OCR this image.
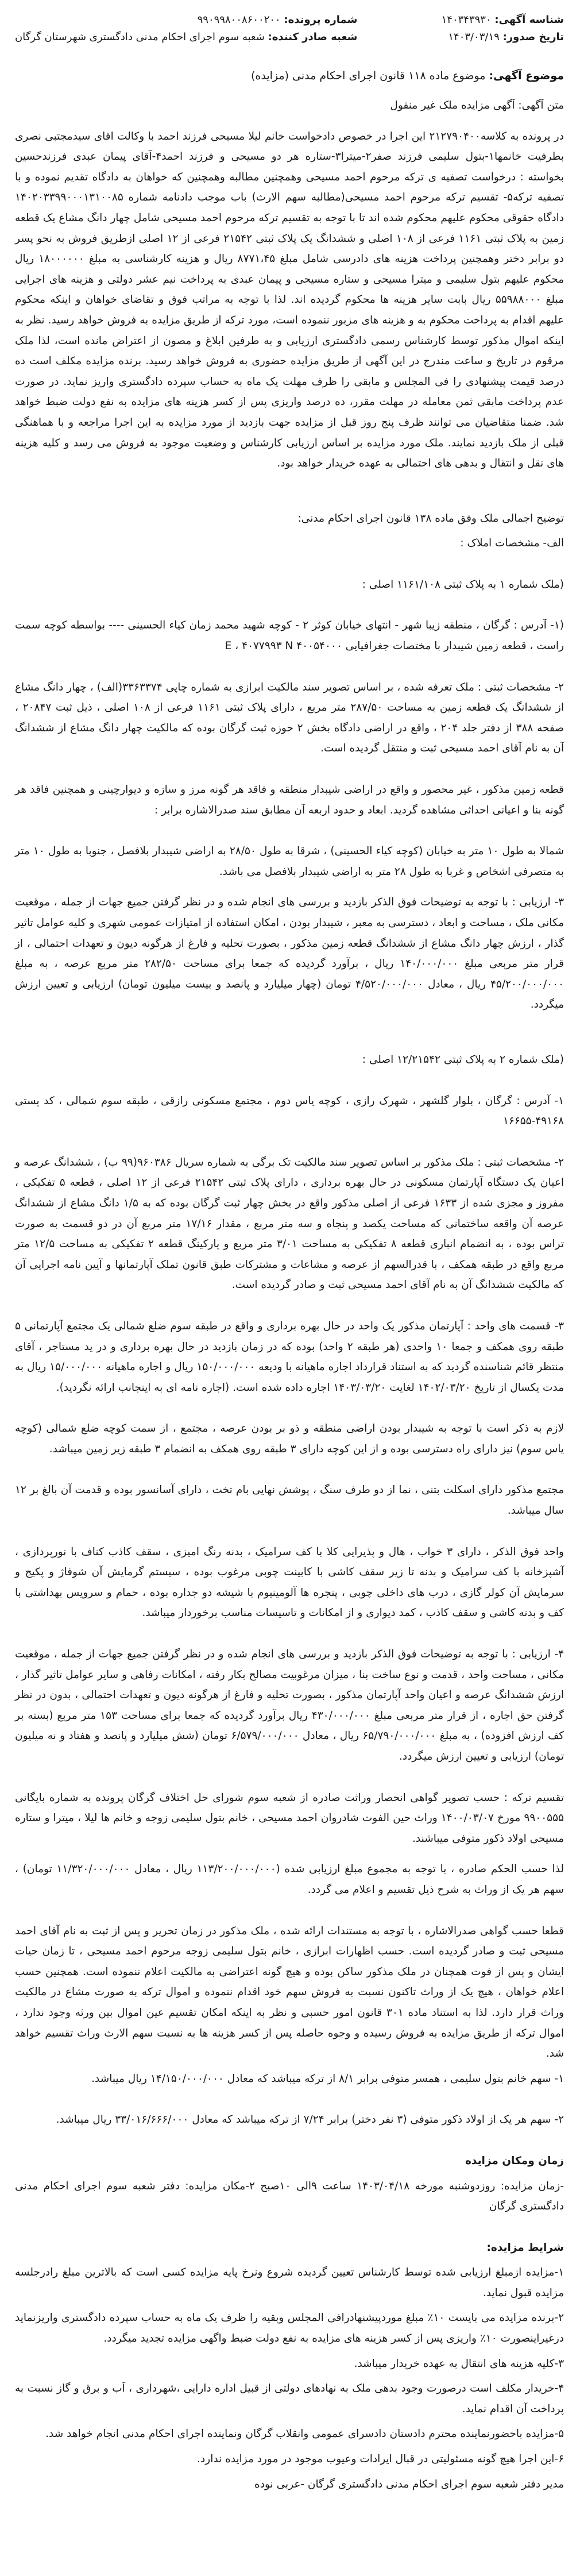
شناسه آگهی: ۱۴۰۳۴۳۹۳۰
تاریخ صدور: ۱۴۰۳/۰۳/۱۹
شماره پرونده: ۹۹۰۹۹۸۰۰۸۶۰۰۲۰۰
شعبه صادر کننده: شعبه سوم اجرای احکام مدنی دادگستری شهرستان گرگان
موضوع آگهی: موضوع ماده ۱۱۸ قانون اجرای احکام مدنی (مزایده)

متن آگهی: آگهی مزایده ملک غیر منقول

در پرونده به کلاسه۲۱۲۷۹۰۴۰۰ این اجرا در خصوص دادخواست خانم لیلا مسیحی فرزند احمد با وکالت اقای سیدمجتبی نصری بطرفیت خانمها۱-بتول سلیمی فرزند صفر۲-میترا۳-ستاره هر دو مسیحی و فرزند احمد۴-آقای پیمان عبدی فرزندحسین بخواسته : درخواست تصفیه ی ترکه مرحوم احمد مسیحی وهمچنین مطالبه وهمچنین که خواهان به دادگاه تقدیم نموده و با تصفیه ترکه۵- تقسیم ترکه مرحوم احمد مسیحی(مطالبه سهم الارث) باب موجب دادنامه شماره ۱۴۰۲۰۳۳۹۹۰۰۰۱۳۱۰۰۸۵ دادگاه حقوقی محکوم علیهم محکوم شده اند تا با توجه به تقسیم ترکه مرحوم احمد مسیحی شامل چهار دانگ مشاع یک قطعه زمین به پلاک ثبتی ۱۱۶۱ فرعی از ۱۰۸ اصلی و ششدانگ یک پلاک ثبتی ۲۱۵۴۲ فرعی از ۱۲ اصلی ازطریق فروش به نحو پسر دو برابر دختر وهمچنین پرداخت هزینه های دادرسی شامل مبلغ ۸۷۷۱،۴۵ ریال و هزینه کارشناسی به مبلغ ۱۸۰۰۰۰۰۰ ریال محکوم علیهم بتول سلیمی و میترا مسیحی و ستاره مسیحی و پیمان عبدی به پرداخت نیم عشر دولتی و هزینه های اجرایی مبلغ ۵۵۹۸۸۰۰۰ ریال بابت سایر هزینه ها محکوم گردیده اند. لذا با توجه به مراتب فوق و تقاضای خواهان و اینکه محکوم علیهم اقدام به پرداخت محکوم به و هزینه های مزبور ننموده است، مورد ترکه از طریق مزایده به فروش خواهد رسید. نظر به اینکه اموال مذکور توسط کارشناس رسمی دادگستری ارزیابی و به طرفین ابلاغ و مصون از اعتراض مانده است، لذا ملک مرقوم در تاریخ و ساعت مندرج در این آگهی از طریق مزایده حضوری به فروش خواهد رسید. برنده مزایده مکلف است ده درصد قیمت پیشنهادی را فی المجلس و مابقی را ظرف مهلت یک ماه به حساب سپرده دادگستری واریز نماید. در صورت عدم پرداخت مابقی ثمن معامله در مهلت مقرر، ده درصد واریزی پس از کسر هزینه های مزایده به نفع دولت ضبط خواهد شد. ضمنا متقاضیان می توانند ظرف پنج روز قبل از مزایده جهت بازدید از مورد مزایده به این اجرا مراجعه و با هماهنگی قبلی از ملک بازدید نمایند. ملک مورد مزایده بر اساس ارزیابی کارشناس و وضعیت موجود به فروش می رسد و کلیه هزینه های نقل و انتقال و بدهی های احتمالی به عهده خریدار خواهد بود.

توضیح اجمالی ملک وفق ماده ۱۳۸ قانون اجرای احکام مدنی:

الف- مشخصات املاک :

(ملک شماره ۱ به پلاک ثبتی ۱۱۶۱/۱۰۸ اصلی :

(۱- آدرس : گرگان ، منطقه زیبا شهر - انتهای خیابان کوثر ۲ - کوچه شهید محمد زمان کیاء الحسینی ---- بواسطه کوچه سمت راست ، قطعه زمین شیبدار با مختصات جغرافیایی ۴۰۰۵۴۰۰۰ E ، ۴۰۷۷۹۹۳ N

۲- مشخصات ثبتی : ملک تعرفه شده ، بر اساس تصویر سند مالکیت ابرازی به شماره چاپی ۳۳۶۳۳۷۴(الف) ، چهار دانگ مشاع از ششدانگ یک قطعه زمین به مساحت ۲۸۷/۵۰ متر مربع ، دارای پلاک ثبتی ۱۱۶۱ فرعی از ۱۰۸ اصلی ، ذیل ثبت ۲۰۸۴۷ ، صفحه ۳۸۸ از دفتر جلد ۲۰۴ ، واقع در اراضی دادگاه بخش ۲ حوزه ثبت گرگان بوده که مالکیت چهار دانگ مشاع از ششدانگ آن به نام آقای احمد مسیحی ثبت و منتقل گردیده است.

قطعه زمین مذکور ، غیر محصور و واقع در اراضی شیبدار منطقه و فاقد هر گونه مرز و سازه و دیوارچینی و همچنین فاقد هر گونه بنا و اعیانی احداثی مشاهده گردید. ابعاد و حدود اربعه آن مطابق سند صدرالاشاره برابر :

شمالا به طول ۱۰ متر به خیابان (کوچه کیاء الحسینی) ، شرقا به طول ۲۸/۵۰ به اراضی شیبدار بلافصل ، جنوبا به طول ۱۰ متر به متصرفی اشخاص و غربا به طول ۲۸ متر به اراضی شیبدار بلافصل می باشد.

۳- ارزیابی : با توجه به توضیحات فوق الذکر بازدید و بررسی های انجام شده و در نظر گرفتن جمیع جهات از جمله ، موقعیت مکانی ملک ، مساحت و ابعاد ، دسترسی به معبر ، شیبدار بودن ، امکان استفاده از امتیازات عمومی شهری و کلیه عوامل تاثیر گذار ، ارزش چهار دانگ مشاع از ششدانگ قطعه زمین مذکور ، بصورت تحلیه و فارغ از هرگونه دیون و تعهدات احتمالی ، از قرار متر مربعی مبلغ ۱۴۰/۰۰۰/۰۰۰ ریال ، برآورد گردیده که جمعا برای مساحت ۲۸۲/۵۰ متر مربع عرصه ، به مبلغ ۴۵/۲۰۰/۰۰۰/۰۰۰ ریال ، معادل ۴/۵۲۰/۰۰۰/۰۰۰ تومان (چهار میلیارد و پانصد و بیست میلیون تومان) ارزیابی و تعیین ارزش میگردد.

(ملک شماره ۲ به پلاک ثبتی ۱۲/۲۱۵۴۲ اصلی :

۱- آدرس : گرگان ، بلوار گلشهر ، شهرک رازی ، کوچه یاس دوم ، مجتمع مسکونی رازقی ، طبقه سوم شمالی ، کد پستی ۴۹۱۶۸-۱۶۶۵۵

۲- مشخصات ثبتی : ملک مذکور بر اساس تصویر سند مالکیت تک برگی به شماره سریال ۹۶۰۳۸۶(۹۹ ب) ، ششدانگ عرصه و اعیان یک دستگاه آپارتمان مسکونی در حال بهره برداری ، دارای پلاک ثبتی ۲۱۵۴۲ فرعی از ۱۲ اصلی ، قطعه ۵ تفکیکی ، مفروز و مجزی شده از ۱۶۳۳ فرعی از اصلی مذکور واقع در بخش چهار ثبت گرگان بوده که به ۱/۵ دانگ مشاع از ششدانگ عرصه آن واقعه ساختمانی که مساحت یکصد و پنجاه و سه متر مربع ، مقدار ۱۷/۱۶ متر مربع آن در دو قسمت به صورت تراس بوده ، به انضمام انباری قطعه ۸ تفکیکی به مساحت ۳/۰۱ متر مربع و پارکینگ قطعه ۲ تفکیکی به مساحت ۱۲/۵ متر مربع واقع در طبقه همکف ، با قدرالسهم از عرصه و مشاعات و مشترکات طبق قانون تملک آپارتمانها و آیین نامه اجرایی آن که مالکیت ششدانگ آن به نام آقای احمد مسیحی ثبت و صادر گردیده است.

۳- قسمت های واحد : آپارتمان مذکور یک واحد در حال بهره برداری و واقع در طبقه سوم ضلع شمالی یک مجتمع آپارتمانی ۵ طبقه روی همکف و جمعا ۱۰ واحدی (هر طبقه ۲ واحد) بوده که در زمان بازدید در حال بهره برداری و در ید مستاجر ، آقای منتظر قائم شناسنده گردید که به استناد قرارداد اجاره ماهیانه با ودیعه ۱۵۰/۰۰۰/۰۰۰ ریال و اجاره ماهیانه ۱۵/۰۰۰/۰۰۰ ریال به مدت یکسال از تاریخ ۱۴۰۲/۰۳/۲۰ لغایت ۱۴۰۳/۰۳/۲۰ اجاره داده شده است. (اجاره نامه ای به اینجانب ارائه نگردید).

لازم به ذکر است با توجه به شیبدار بودن اراضی منطقه و ذو بر بودن عرصه ، مجتمع ، از سمت کوچه ضلع شمالی (کوچه یاس سوم) نیز دارای راه دسترسی بوده و از این کوچه دارای ۳ طبقه روی همکف به انضمام ۳ طبقه زیر زمین میباشد.

مجتمع مذکور دارای اسکلت بتنی ، نما از دو طرف سنگ ، پوشش نهایی بام تخت ، دارای آسانسور بوده و قدمت آن بالغ بر ۱۲ سال میباشد.

واحد فوق الذکر ، دارای ۳ خواب ، هال و پذیرایی کلا با کف سرامیک ، بدنه رنگ امیزی ، سقف کاذب کناف با نورپردازی ، آشپزخانه با کف سرامیک و بدنه تا زیر سقف کاشی با کابینت چوبی مرغوب بوده ، سیستم گرمایش آن شوفاژ و پکیج و سرمایش آن کولر گازی ، درب های داخلی چوبی ، پنجره ها آلومینیوم با شیشه دو جداره بوده ، حمام و سرویس بهداشتی با کف و بدنه کاشی و سقف کاذب ، کمد دیواری و از امکانات و تاسیسات مناسب برخوردار میباشد.

۴- ارزیابی : با توجه به توضیحات فوق الذکر بازدید و بررسی های انجام شده و در نظر گرفتن جمیع جهات از جمله ، موقعیت مکانی ، مساحت واحد ، قدمت و نوع ساخت بنا ، میزان مرغوبیت مصالح بکار رفته ، امکانات رفاهی و سایر عوامل تاثیر گذار ، ارزش ششدانگ عرصه و اعیان واحد آپارتمان مذکور ، بصورت تحلیه و فارغ از هرگونه دیون و تعهدات احتمالی ، بدون در نظر گرفتن حق اجاره ، از قرار متر مربعی مبلغ ۴۳۰/۰۰۰/۰۰۰ ریال برآورد گردیده که جمعا برای مساحت ۱۵۳ متر مربع (بسته بر کف ارزش افزوده) ، به مبلغ ۶۵/۷۹۰/۰۰۰/۰۰۰ ریال ، معادل ۶/۵۷۹/۰۰۰/۰۰۰ تومان (شش میلیارد و پانصد و هفتاد و نه میلیون تومان) ارزیابی و تعیین ارزش میگردد.

تقسیم ترکه : حسب تصویر گواهی انحصار وراثت صادره از شعبه سوم شورای حل اختلاف گرگان پرونده به شماره بایگانی ۹۹۰۰۵۵۵ مورخ ۱۴۰۰/۰۳/۰۷ وراث حین الفوت شادروان احمد مسیحی ، خانم بتول سلیمی زوجه و خانم ها لیلا ، میترا و ستاره مسیحی اولاد ذکور متوفی میباشند.

لذا حسب الحکم صادره ، با توجه به مجموع مبلغ ارزیابی شده (۱۱۳/۲۰۰/۰۰۰/۰۰۰ ریال ، معادل ۱۱/۳۲۰/۰۰۰/۰۰۰ تومان) ، سهم هر یک از وراث به شرح ذیل تقسیم و اعلام می گردد.

قطعا حسب گواهی صدرالاشاره ، با توجه به مستندات ارائه شده ، ملک مذکور در زمان تحریر و پس از ثبت به نام آقای احمد مسیحی ثبت و صادر گردیده است. حسب اظهارات ابرازی ، خانم بتول سلیمی زوجه مرحوم احمد مسیحی ، تا زمان حیات ایشان و پس از فوت همچنان در ملک مذکور ساکن بوده و هیچ گونه اعتراضی به مالکیت اعلام ننموده است. همچنین حسب اعلام خواهان ، هیچ یک از وراث تاکنون نسبت به فروش سهم خود اقدام ننموده و اموال ترکه به صورت مشاع در مالکیت وراث قرار دارد. لذا به استناد ماده ۳۰۱ قانون امور حسبی و نظر به اینکه امکان تقسیم عین اموال بین ورثه وجود ندارد ، اموال ترکه از طریق مزایده به فروش رسیده و وجوه حاصله پس از کسر هزینه ها به نسبت سهم الارث وراث تقسیم خواهد شد.

۱- سهم خانم بتول سلیمی ، همسر متوفی برابر ۸/۱ از ترکه میباشد که معادل ۱۴/۱۵۰/۰۰۰/۰۰۰ ریال میباشد.

۲- سهم هر یک از اولاد ذکور متوفی (۳ نفر دختر) برابر ۷/۲۴ از ترکه میباشد که معادل ۳۳/۰۱۶/۶۶۶/۰۰۰ ریال میباشد.

زمان ومکان مزایده

-زمان مزایده: روزدوشنبه مورخه ۱۴۰۳/۰۴/۱۸ ساعت ۹الی ۱۰صبح ۲-مکان مزایده: دفتر شعبه سوم اجرای احکام مدنی دادگستری گرگان

شرایط مزایده:

۱-مزایده ازمبلغ ارزیابی شده توسط کارشناس تعیین گردیده شروع ونرخ پایه مزایده کسی است که بالاترین مبلغ رادرجلسه مزایده قبول نماید.

۲-برنده مزایده می بایست ۱۰٪ مبلغ موردپیشنهادرافی المجلس وبقیه را ظرف یک ماه به حساب سپرده دادگستری واریزنماید درغیراینصورت ۱۰٪ واریزی پس از کسر هزینه های مزایده به نفع دولت ضبط واگهی مزایده تجدید میگردد.

۳-کلیه هزینه های انتقال به عهده خریدار میباشد.

۴-خریدار مکلف است درصورت وجود بدهی ملک به نهادهای دولتی از قبیل اداره دارایی ،شهرداری ، آب و برق و گاز نسبت به پرداخت آن اقدام نماید.

۵-مزایده باحضورنماینده محترم دادستان دادسرای عمومی وانقلاب گرگان ونماینده اجرای احکام مدنی انجام خواهد شد.

۶-این اجرا هیچ گونه مسئولیتی در قبال ایرادات وعیوب موجود در مورد مزایده ندارد.

مدیر دفتر شعبه سوم اجرای احکام مدنی دادگستری گرگان -عربی نوده
